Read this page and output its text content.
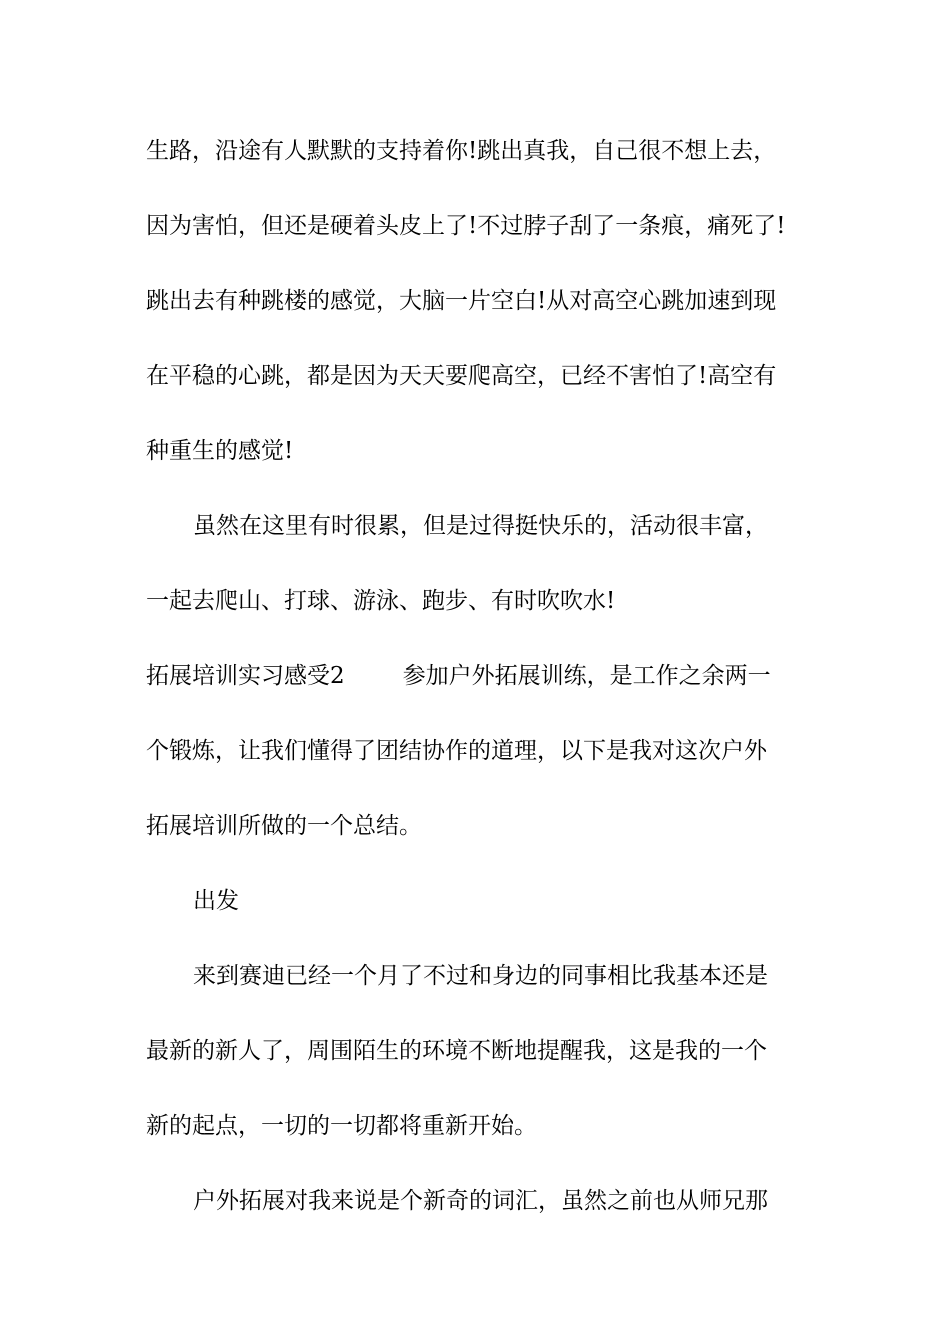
生路，沿途有人默默的支持着你!跳出真我，自己很不想上去，
因为害怕，但还是硬着头皮上了!不过脖子刮了一条痕，痛死了!
跳出去有种跳楼的感觉，大脑一片空白!从对高空心跳加速到现
在平稳的心跳，都是因为天天要爬高空，已经不害怕了!高空有
种重生的感觉!
虽然在这里有时很累，但是过得挺快乐的，活动很丰富，
一起去爬山、打球、游泳、跑步、有时吹吹水!
拓展培训实习感受2	参加户外拓展训练，是工作之余两一
个锻炼，让我们懂得了团结协作的道理，以下是我对这次户外
拓展培训所做的一个总结。
出发
来到赛迪已经一个月了不过和身边的同事相比我基本还是
最新的新人了，周围陌生的环境不断地提醒我，这是我的一个
新的起点，一切的一切都将重新开始。
户外拓展对我来说是个新奇的词汇，虽然之前也从师兄那
